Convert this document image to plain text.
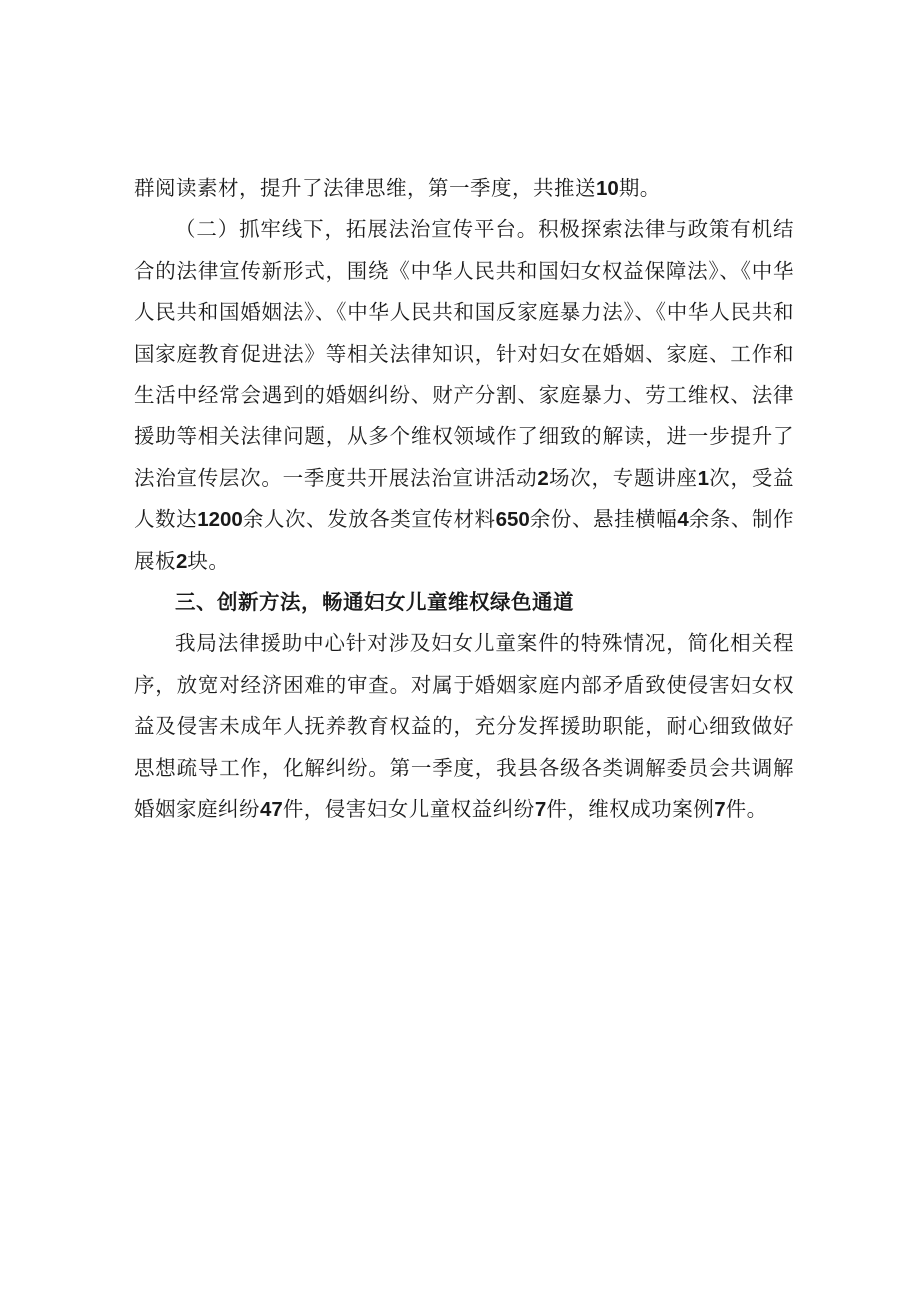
群阅读素材，提升了法律思维，第一季度，共推送10期。

（二）抓牢线下，拓展法治宣传平台。积极探索法律与政策有机结合的法律宣传新形式，围绕《中华人民共和国妇女权益保障法》、《中华人民共和国婚姻法》、《中华人民共和国反家庭暴力法》、《中华人民共和国家庭教育促进法》等相关法律知识，针对妇女在婚姻、家庭、工作和生活中经常会遇到的婚姻纠纷、财产分割、家庭暴力、劳工维权、法律援助等相关法律问题，从多个维权领域作了细致的解读，进一步提升了法治宣传层次。一季度共开展法治宣讲活动2场次，专题讲座1次，受益人数达1200余人次、发放各类宣传材料650余份、悬挂横幅4余条、制作展板2块。

三、创新方法，畅通妇女儿童维权绿色通道

我局法律援助中心针对涉及妇女儿童案件的特殊情况，简化相关程序，放宽对经济困难的审查。对属于婚姻家庭内部矛盾致使侵害妇女权益及侵害未成年人抚养教育权益的，充分发挥援助职能，耐心细致做好思想疏导工作，化解纠纷。第一季度，我县各级各类调解委员会共调解婚姻家庭纠纷47件，侵害妇女儿童权益纠纷7件，维权成功案例7件。
